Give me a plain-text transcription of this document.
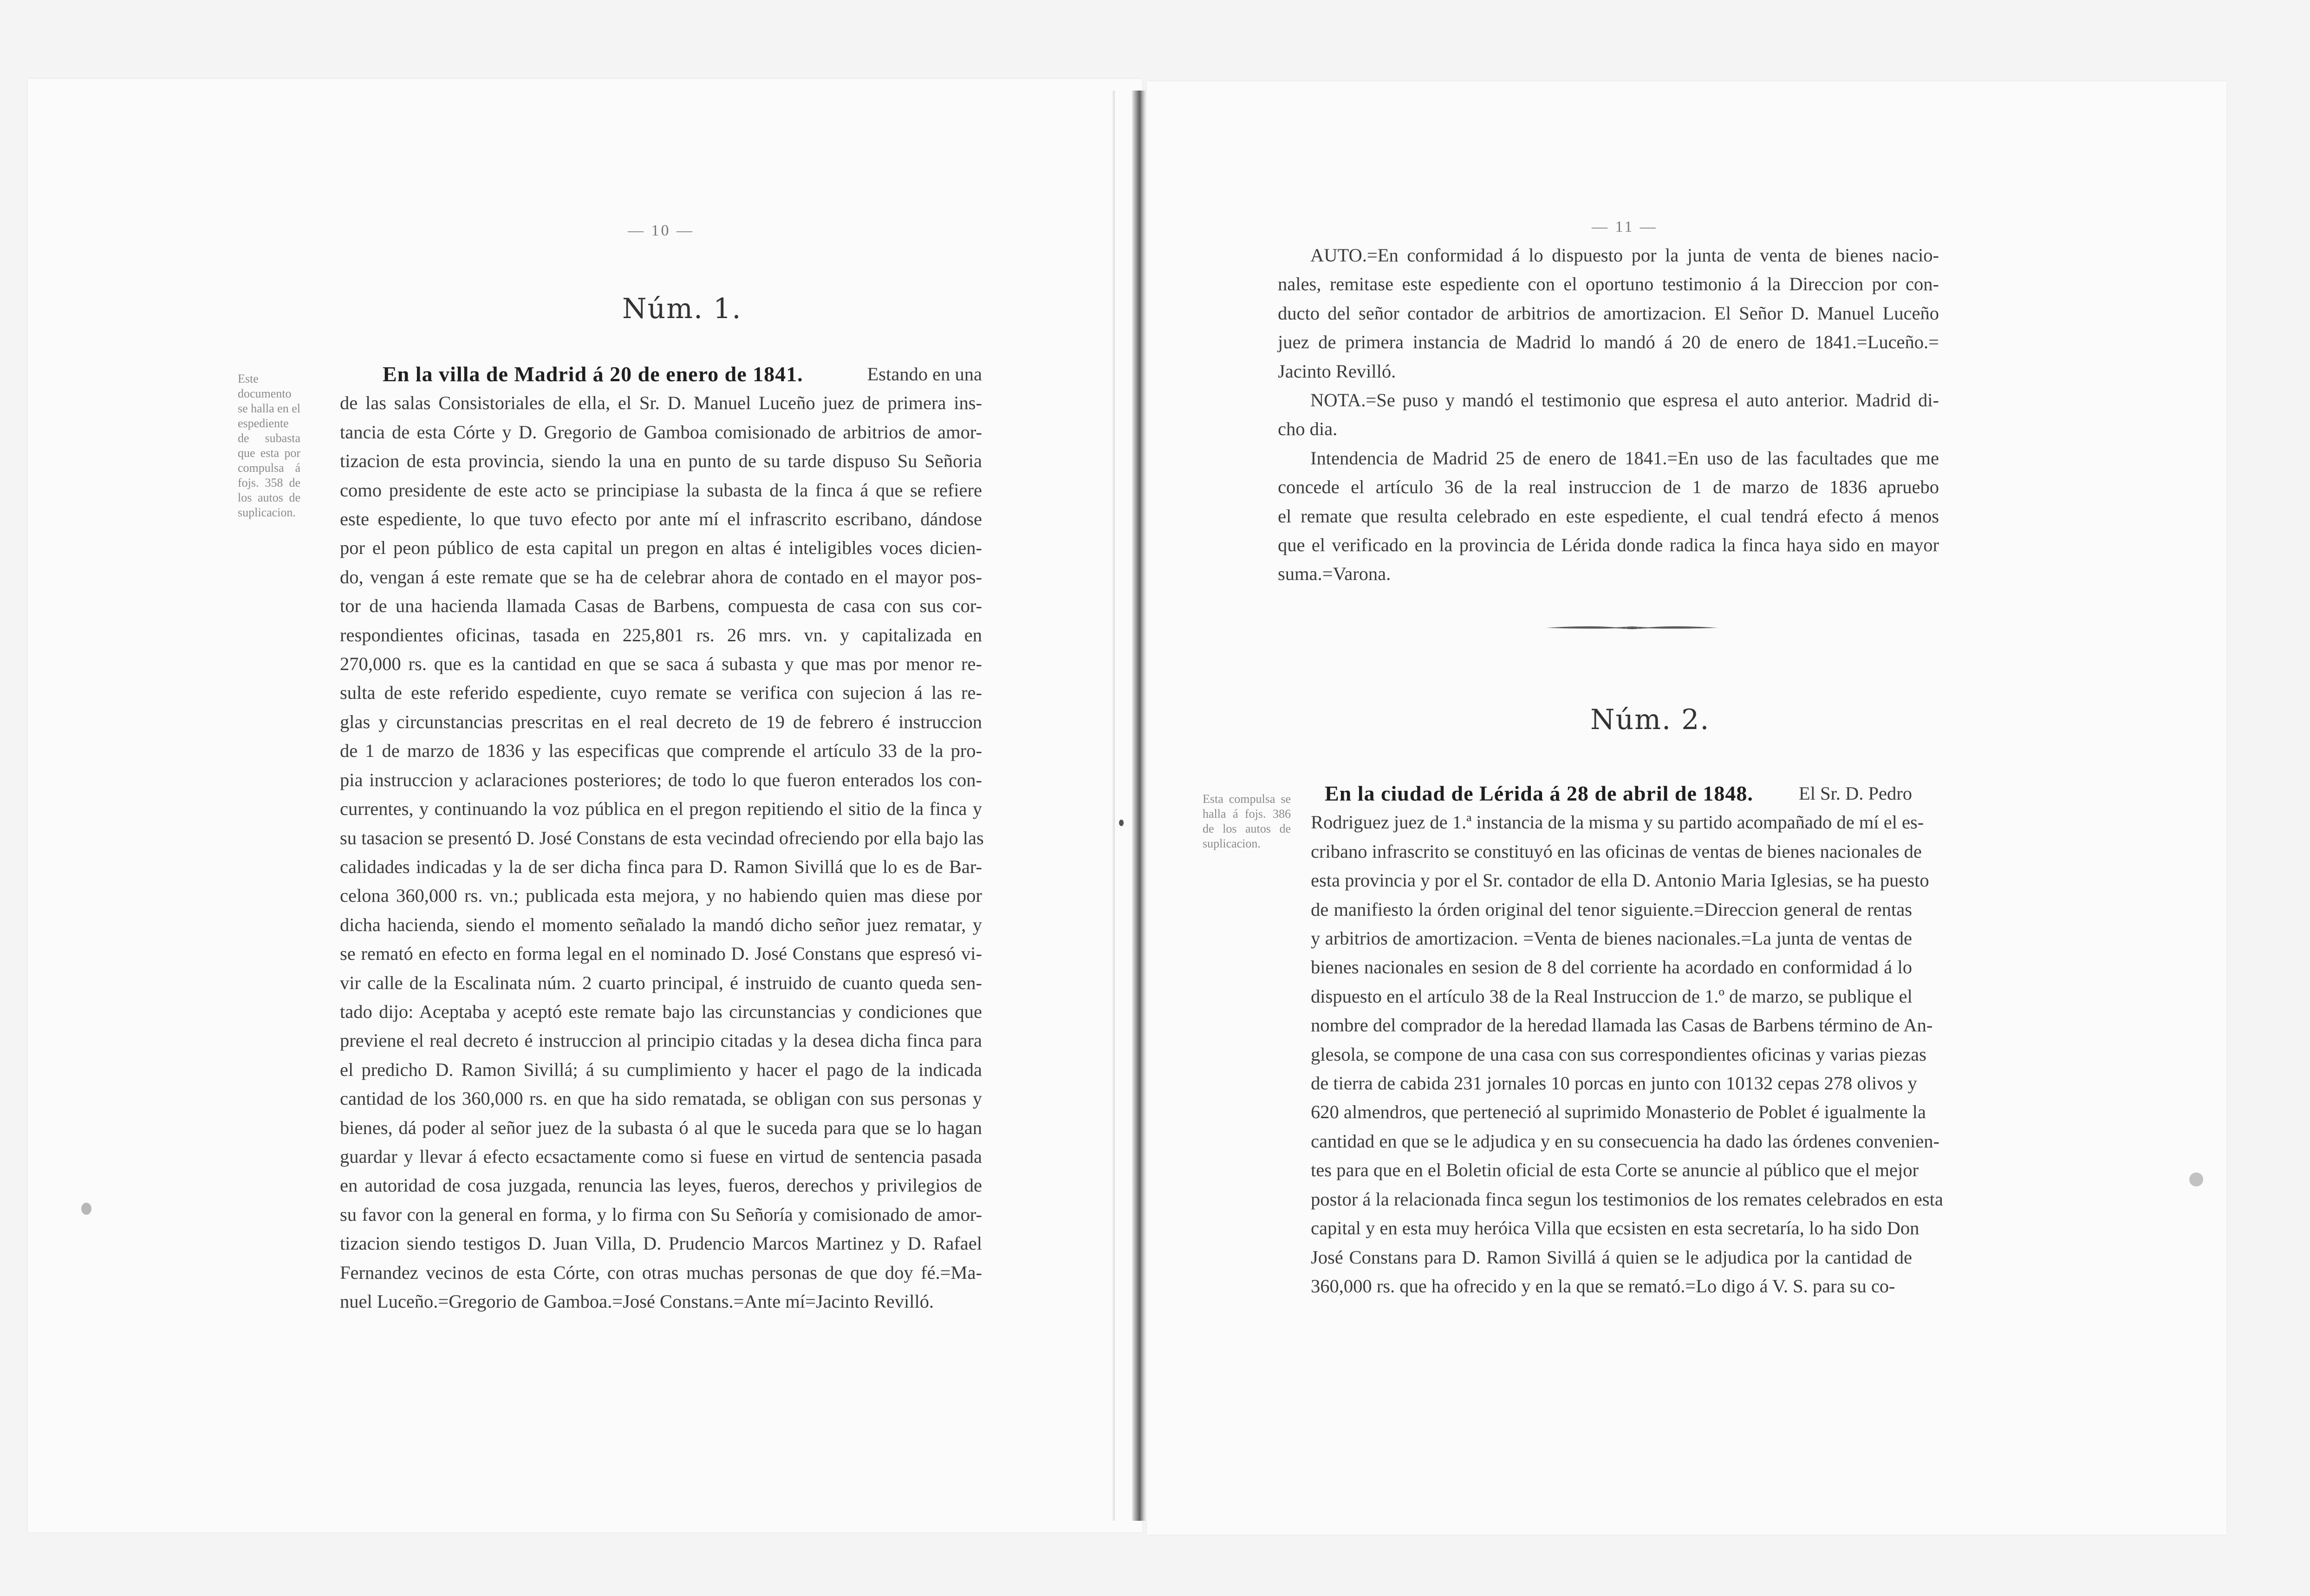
— 10 —
Núm. 1.
Este documento se halla en el espediente de subasta que esta por compulsa á fojs. 358 de los autos de suplicacion.
En la villa de Madrid á 20 de enero de 1841.	Estando en una
de las salas Consistoriales de ella, el Sr. D. Manuel Luceño juez de primera ins-
tancia de esta Córte y D. Gregorio de Gamboa comisionado de arbitrios de amor-
tizacion de esta provincia, siendo la una en punto de su tarde dispuso Su Señoria
como presidente de este acto se principiase la subasta de la finca á que se refiere
este espediente, lo que tuvo efecto por ante mí el infrascrito escribano, dándose
por el peon público de esta capital un pregon en altas é inteligibles voces dicien-
do, vengan á este remate que se ha de celebrar ahora de contado en el mayor pos-
tor de una hacienda llamada Casas de Barbens, compuesta de casa con sus cor-
respondientes oficinas, tasada en 225,801 rs. 26 mrs. vn. y capitalizada en
270,000 rs. que es la cantidad en que se saca á subasta y que mas por menor re-
sulta de este referido espediente, cuyo remate se verifica con sujecion á las re-
glas y circunstancias prescritas en el real decreto de 19 de febrero é instruccion
de 1 de marzo de 1836 y las especificas que comprende el artículo 33 de la pro-
pia instruccion y aclaraciones posteriores; de todo lo que fueron enterados los con-
currentes, y continuando la voz pública en el pregon repitiendo el sitio de la finca y
su tasacion se presentó D. José Constans de esta vecindad ofreciendo por ella bajo las
calidades indicadas y la de ser dicha finca para D. Ramon Sivillá que lo es de Bar-
celona 360,000 rs. vn.; publicada esta mejora, y no habiendo quien mas diese por
dicha hacienda, siendo el momento señalado la mandó dicho señor juez rematar, y
se remató en efecto en forma legal en el nominado D. José Constans que espresó vi-
vir calle de la Escalinata núm. 2 cuarto principal, é instruido de cuanto queda sen-
tado dijo: Aceptaba y aceptó este remate bajo las circunstancias y condiciones que
previene el real decreto é instruccion al principio citadas y la desea dicha finca para
el predicho D. Ramon Sivillá; á su cumplimiento y hacer el pago de la indicada
cantidad de los 360,000 rs. en que ha sido rematada, se obligan con sus personas y
bienes, dá poder al señor juez de la subasta ó al que le suceda para que se lo hagan
guardar y llevar á efecto ecsactamente como si fuese en virtud de sentencia pasada
en autoridad de cosa juzgada, renuncia las leyes, fueros, derechos y privilegios de
su favor con la general en forma, y lo firma con Su Señoría y comisionado de amor-
tizacion siendo testigos D. Juan Villa, D. Prudencio Marcos Martinez y D. Rafael
Fernandez vecinos de esta Córte, con otras muchas personas de que doy fé.=Ma-
nuel Luceño.=Gregorio de Gamboa.=José Constans.=Ante mí=Jacinto Revilló.
— 11 —
AUTO.=En conformidad á lo dispuesto por la junta de venta de bienes nacio-
nales, remitase este espediente con el oportuno testimonio á la Direccion por con-
ducto del señor contador de arbitrios de amortizacion. El Señor D. Manuel Luceño
juez de primera instancia de Madrid lo mandó á 20 de enero de 1841.=Luceño.=
Jacinto Revilló.
NOTA.=Se puso y mandó el testimonio que espresa el auto anterior. Madrid di-
cho dia.
Intendencia de Madrid 25 de enero de 1841.=En uso de las facultades que me
concede el artículo 36 de la real instruccion de 1 de marzo de 1836 apruebo
el remate que resulta celebrado en este espediente, el cual tendrá efecto á menos
que el verificado en la provincia de Lérida donde radica la finca haya sido en mayor
suma.=Varona.
Núm. 2.
Esta compulsa se halla á fojs. 386 de los autos de suplicacion.
En la ciudad de Lérida á 28 de abril de 1848. El Sr. D. Pedro
Rodriguez juez de 1.ª instancia de la misma y su partido acompañado de mí el es-
cribano infrascrito se constituyó en las oficinas de ventas de bienes nacionales de
esta provincia y por el Sr. contador de ella D. Antonio Maria Iglesias, se ha puesto
de manifiesto la órden original del tenor siguiente.=Direccion general de rentas
y arbitrios de amortizacion. =Venta de bienes nacionales.=La junta de ventas de
bienes nacionales en sesion de 8 del corriente ha acordado en conformidad á lo
dispuesto en el artículo 38 de la Real Instruccion de 1.º de marzo, se publique el
nombre del comprador de la heredad llamada las Casas de Barbens término de An-
glesola, se compone de una casa con sus correspondientes oficinas y varias piezas
de tierra de cabida 231 jornales 10 porcas en junto con 10132 cepas 278 olivos y
620 almendros, que perteneció al suprimido Monasterio de Poblet é igualmente la
cantidad en que se le adjudica y en su consecuencia ha dado las órdenes convenien-
tes para que en el Boletin oficial de esta Corte se anuncie al público que el mejor
postor á la relacionada finca segun los testimonios de los remates celebrados en esta
capital y en esta muy heróica Villa que ecsisten en esta secretaría, lo ha sido Don
José Constans para D. Ramon Sivillá á quien se le adjudica por la cantidad de
360,000 rs. que ha ofrecido y en la que se remató.=Lo digo á V. S. para su co-
